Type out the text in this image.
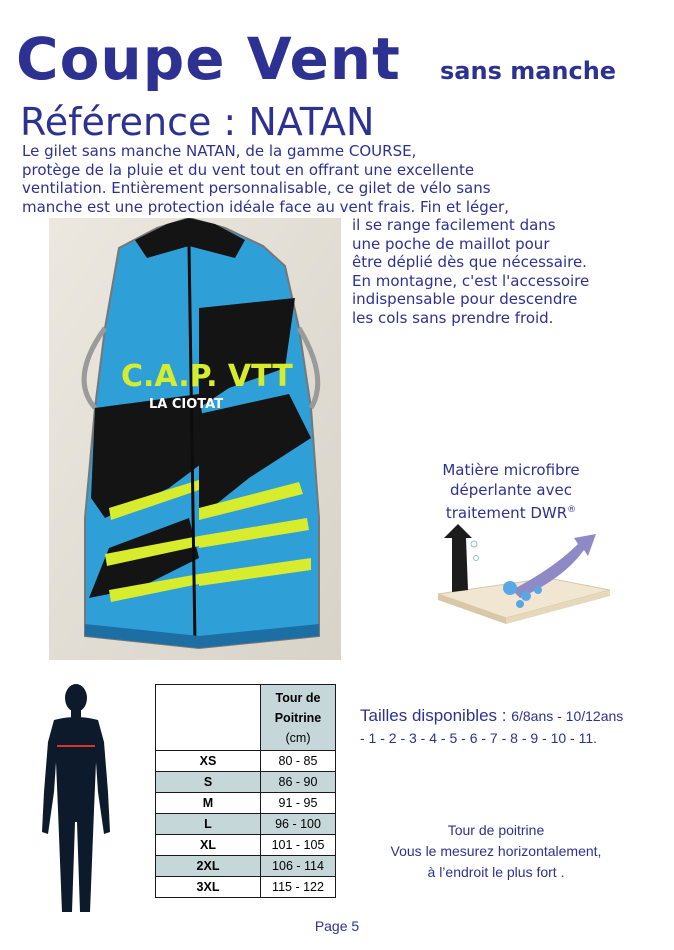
Coupe Vent sans manche
Référence : NATAN

Le gilet sans manche NATAN, de la gamme COURSE,

protège de la pluie et du vent tout en offrant une excellente

ventilation. Entièrement personnalisable, ce gilet de vélo sans

manche est une protection idéale face au vent frais. Fin et léger,

il se range facilement dans

une poche de maillot pour

être déplié dès que nécessaire.

En montagne, c'est l'accessoire

indispensable pour descendre

les cols sans prendre froid.

C.A.P. VTT
LA CIOTAT
Matière microfibre
déperlante avec
traitement DWR®

	Tour de
Poitrine
(cm)

XS	80 - 85
S	86 - 90
M	91 - 95
L	96 - 100
XL	101 - 105
2XL	106 - 114
3XL	115 - 122
Tailles disponibles : 6/8ans - 10/12ans
- 1 - 2 - 3 - 4 - 5 - 6 - 7 - 8 - 9 - 10 - 11.
Tour de poitrine
Vous le mesurez horizontalement,
à l’endroit le plus fort .
Page 5
